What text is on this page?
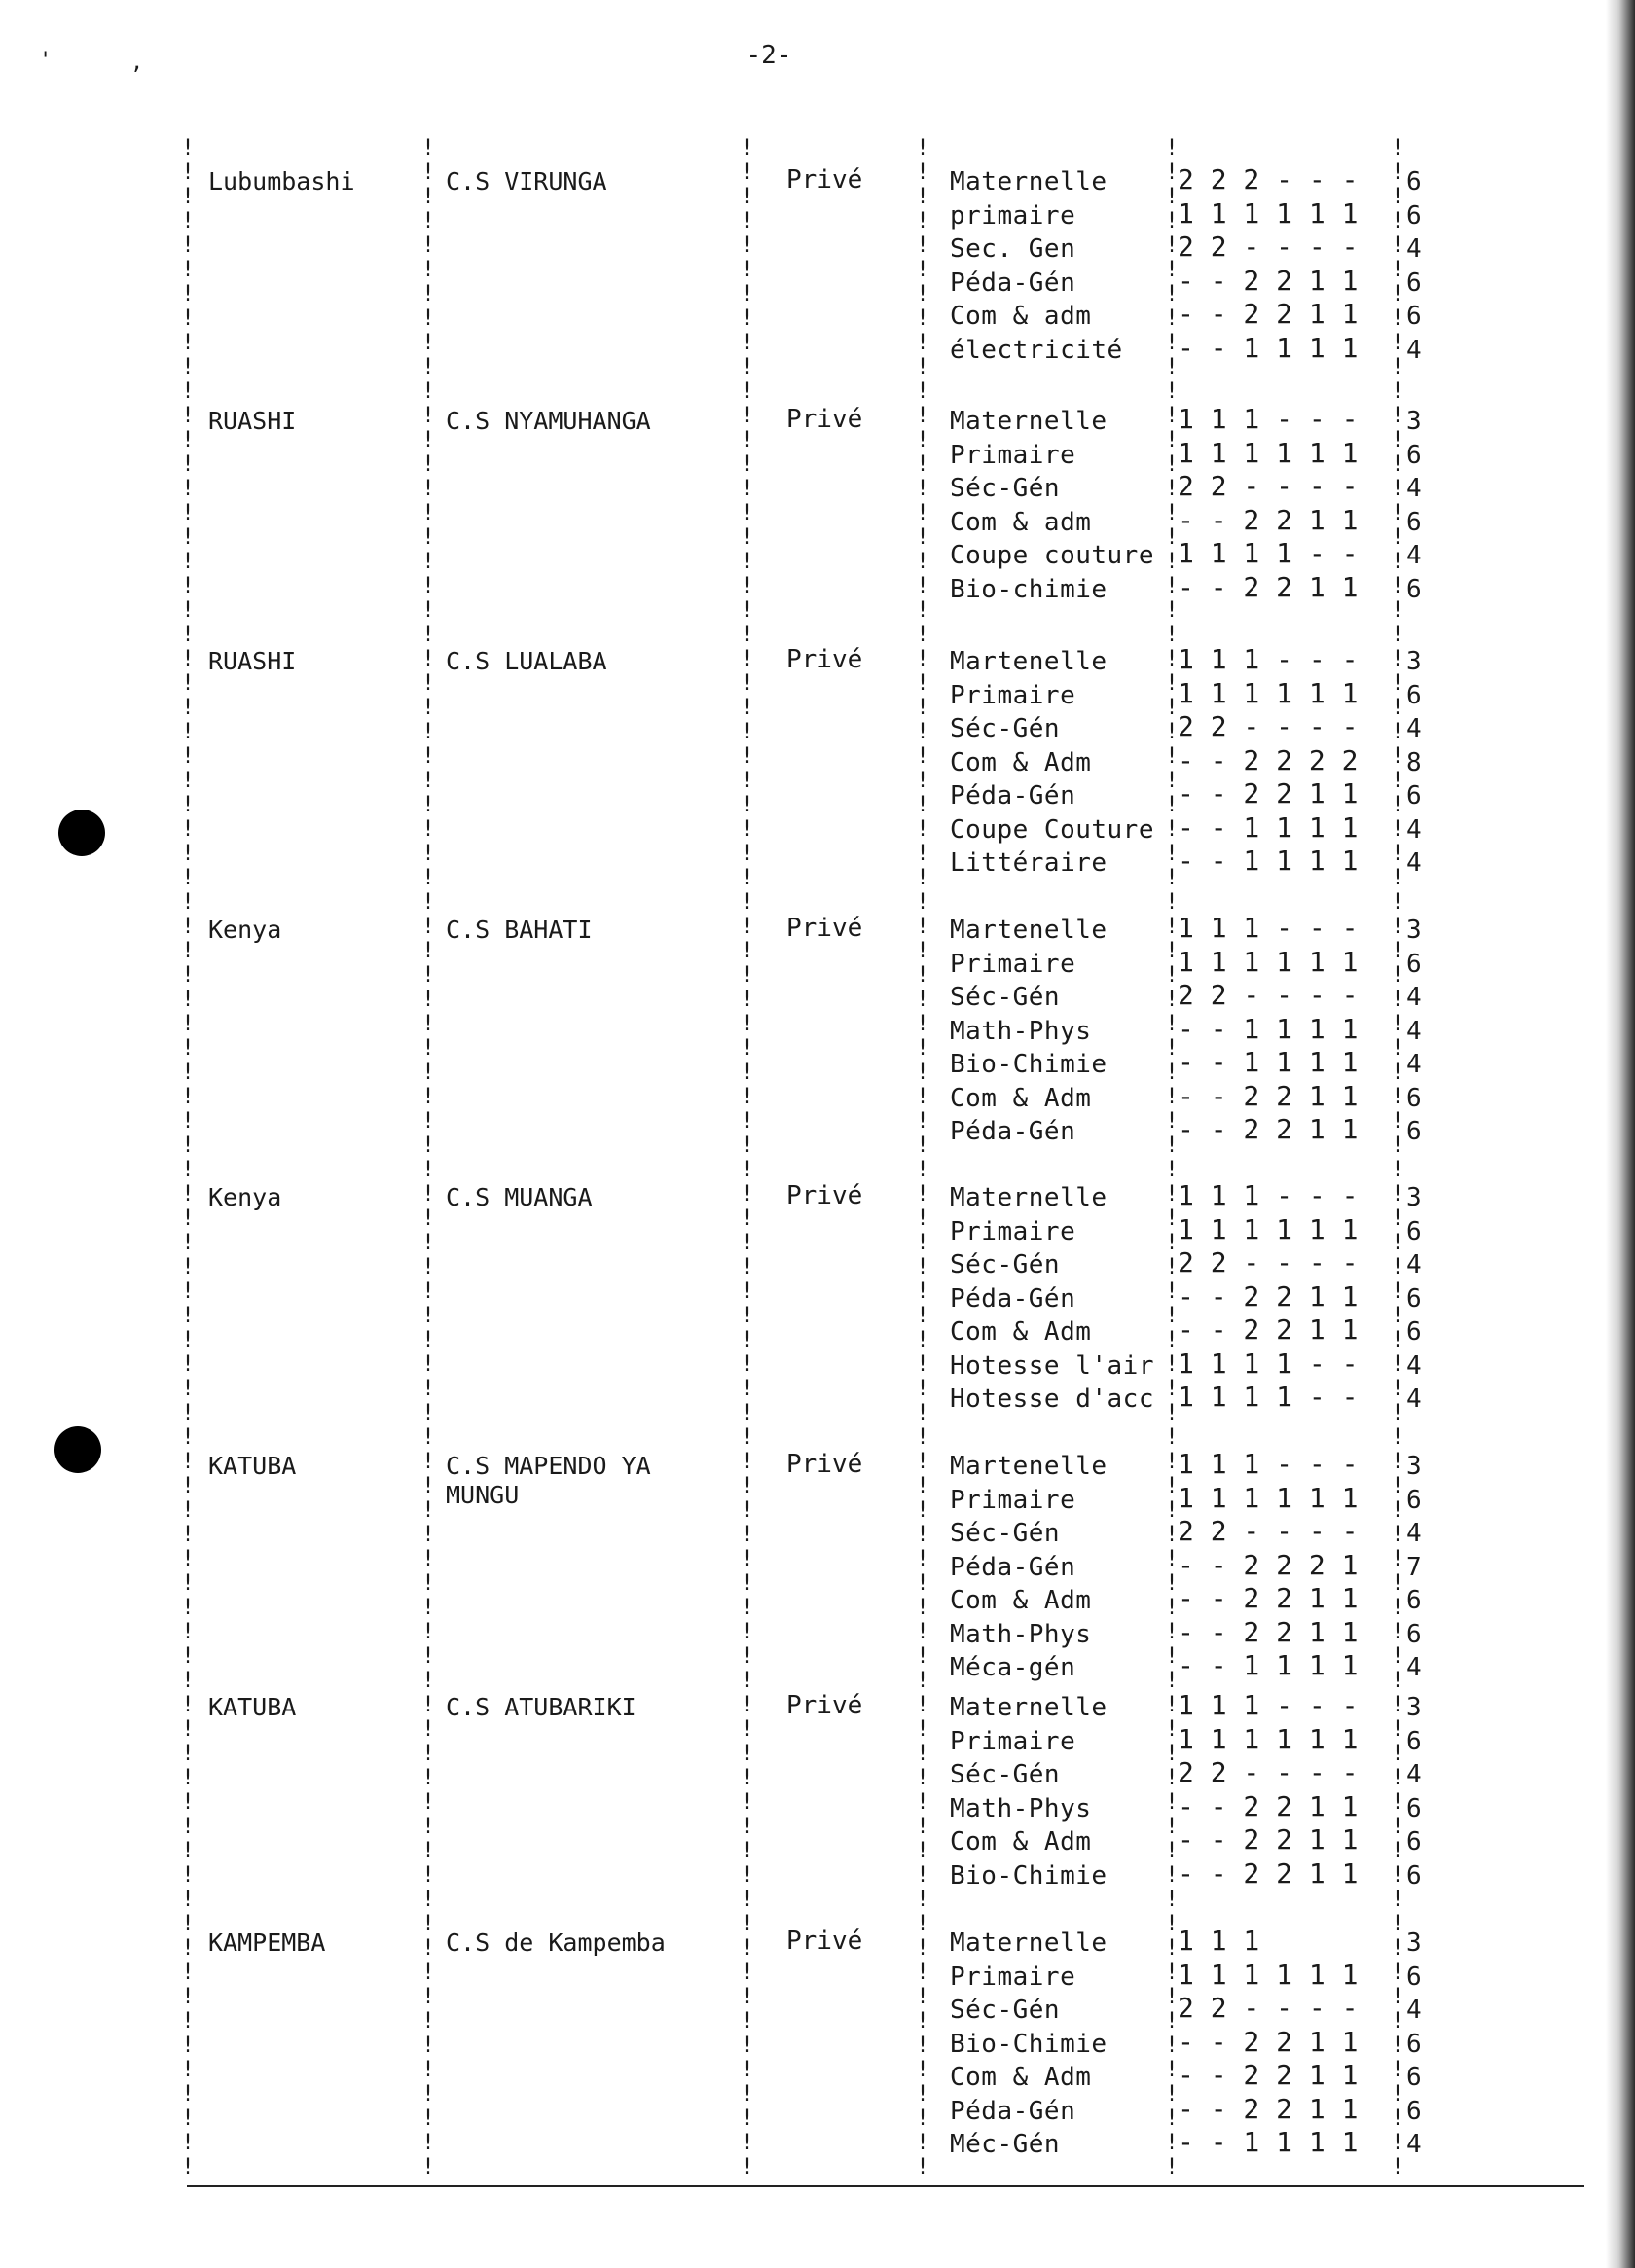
'	,	-2-
!
!
!
!
!
!
!
!
!
!
!
!
!
!
!
!
!
!
!
!
!
!
!
!
!
!
!
!
!
!
!
!
!
!
!
!
!
!
!
!
!
!
!
!
!
!
!
!
!
!
!
!
!
!
!
!
!
!
!
!
!
!
!
!
!
!
!
!
!
!
!
!
!
!
!
!
!
!
!
!
!
!
!
!
!
!
!
!
!
!
!
!
!
!
!
!
!
!
!
!
!
!
!
!
!
!
!
!
!
!
!
!
!
!
!
!
!
!
!
!
!
!
!
!
!
!
!
!
!
!
!
!
!
!
!
!
!
!
!
!
!
!
!
!
!
!
!
!
!
!
!
!
!
!
!
!
!
!
!
!
!
!
!
!
!
!
!
!
!
!
!
!
!
!
!
!
!
!
!
!
!
!
!
!
!
!
!
!
!
!
!
!
!
!
!
!
!
!
!
!
!
!
!
!
!
!
!
!
!
!
!
!
!
!
!
!
!
!
!
!
!
!
!
!
!
!
!
!
!
!
!
!
!
!
!
!
!
!
!
!
!
!
!
!
!
!
!
!
!
!
!
!
!
!
!
!
!
!
!
!
!
!
!
!
!
!
!
!
!
!
!
!
!
!
!
!
!
!
!
!
!
!
!
!
!
!
!
!
!
!
!
!
!
!
!
!
!
!
!
!
!
!
!
!
!
!
!
!
!
!
!
!
!
!
!
!
!
!
!
!
!
!
!
!
!
!
!
!
!
!
!
!
!
!
!
!
!
!
!
!
!
!
!
!
!
!
!
!
!
!
!
!
!
!
!
!
!
!
!
!
!
!
!
!
!
!
!
!
!
!
!
!
!
!
!
!
!
!
!
!
!
!
!
!
!
!
!
!
!
!
!
!
!
!
!
!
!
!
!
!
!
!
!
!
!
!
!
!
!
!
!
!
!
!
!
!
!
!
!
!
!
!
!
!
!
!
!
!
!
!
!
!
!
!
!
!
!
!
!
!
!
!
!
!
!
!
!
!
!
!
!
!
!
!
!
!
!
!
!
!
!
!
!
!
!
!
!
!
!
!
!
!
!
!
!
!
!
!
!
!
!
!
!
!
!
!
!
!
!
!
!
!
!
!
!
!
!
!
!
!
!
!
!
!
Lubumbashi	C.S VIRUNGA	Privé	Maternelle	2 2 2 - - - 6
primaire	1 1 1 1 1 1 6
Sec. Gen	2 2 - - - - 4
Péda-Gén	- - 2 2 1 1 6
Com & adm	- - 2 2 1 1 6
électricité - - 1 1 1 1 4
RUASHI	C.S NYAMUHANGA	Privé	Maternelle	1 1 1 - - - 3
Primaire	1 1 1 1 1 1 6
Séc-Gén	2 2 - - - - 4
Com & adm	- - 2 2 1 1 6
Coupe couture 1 1 1 1 - - 4
Bio-chimie	- - 2 2 1 1 6
RUASHI	C.S LUALABA	Privé	Martenelle	1 1 1 - - - 3
Primaire	1 1 1 1 1 1 6
Séc-Gén	2 2 - - - - 4
Com & Adm	- - 2 2 2 2 8
Péda-Gén	- - 2 2 1 1 6
Coupe Couture - - 1 1 1 1 4
Littéraire	- - 1 1 1 1 4
Kenya	C.S BAHATI	Privé	Martenelle	1 1 1 - - - 3
Primaire	1 1 1 1 1 1 6
Séc-Gén	2 2 - - - - 4
Math-Phys	- - 1 1 1 1 4
Bio-Chimie	- - 1 1 1 1 4
Com & Adm	- - 2 2 1 1 6
Péda-Gén	- - 2 2 1 1 6
Kenya	C.S MUANGA	Privé	Maternelle	1 1 1 - - - 3
Primaire	1 1 1 1 1 1 6
Séc-Gén	2 2 - - - - 4
Péda-Gén	- - 2 2 1 1 6
Com & Adm	- - 2 2 1 1 6
Hotesse l'air 1 1 1 1 - - 4
Hotesse d'acc 1 1 1 1 - - 4
KATUBA	C.S MAPENDO YA
MUNGU
Privé	Martenelle	1 1 1 - - - 3
Primaire	1 1 1 1 1 1 6
Séc-Gén	2 2 - - - - 4
Péda-Gén	- - 2 2 2 1 7
Com & Adm	- - 2 2 1 1 6
Math-Phys	- - 2 2 1 1 6
Méca-gén	- - 1 1 1 1 4
KATUBA	C.S ATUBARIKI	Privé	Maternelle	1 1 1 - - - 3
Primaire	1 1 1 1 1 1 6
Séc-Gén	2 2 - - - - 4
Math-Phys	- - 2 2 1 1 6
Com & Adm	- - 2 2 1 1 6
Bio-Chimie	- - 2 2 1 1 6
KAMPEMBA	C.S de Kampemba	Privé	Maternelle	1 1 1	3
Primaire	1 1 1 1 1 1 6
Séc-Gén	2 2 - - - - 4
Bio-Chimie	- - 2 2 1 1 6
Com & Adm	- - 2 2 1 1 6
Péda-Gén	- - 2 2 1 1 6
Méc-Gén	- - 1 1 1 1 4
